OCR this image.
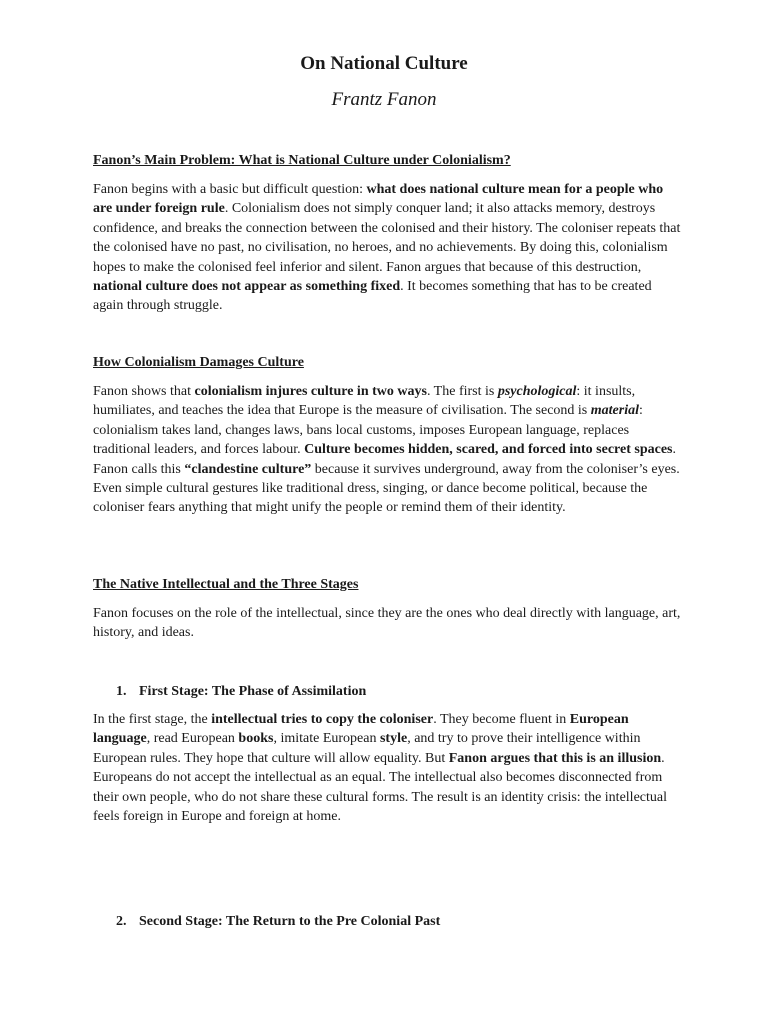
On National Culture
Frantz Fanon
Fanon’s Main Problem: What is National Culture under Colonialism?
Fanon begins with a basic but difficult question: what does national culture mean for a people who are under foreign rule. Colonialism does not simply conquer land; it also attacks memory, destroys confidence, and breaks the connection between the colonised and their history. The coloniser repeats that the colonised have no past, no civilisation, no heroes, and no achievements. By doing this, colonialism hopes to make the colonised feel inferior and silent. Fanon argues that because of this destruction, national culture does not appear as something fixed. It becomes something that has to be created again through struggle.
How Colonialism Damages Culture
Fanon shows that colonialism injures culture in two ways. The first is psychological: it insults, humiliates, and teaches the idea that Europe is the measure of civilisation. The second is material: colonialism takes land, changes laws, bans local customs, imposes European language, replaces traditional leaders, and forces labour. Culture becomes hidden, scared, and forced into secret spaces. Fanon calls this “clandestine culture” because it survives underground, away from the coloniser’s eyes. Even simple cultural gestures like traditional dress, singing, or dance become political, because the coloniser fears anything that might unify the people or remind them of their identity.
The Native Intellectual and the Three Stages
Fanon focuses on the role of the intellectual, since they are the ones who deal directly with language, art, history, and ideas.
1. First Stage: The Phase of Assimilation
In the first stage, the intellectual tries to copy the coloniser. They become fluent in European language, read European books, imitate European style, and try to prove their intelligence within European rules. They hope that culture will allow equality. But Fanon argues that this is an illusion. Europeans do not accept the intellectual as an equal. The intellectual also becomes disconnected from their own people, who do not share these cultural forms. The result is an identity crisis: the intellectual feels foreign in Europe and foreign at home.
2. Second Stage: The Return to the Pre Colonial Past
